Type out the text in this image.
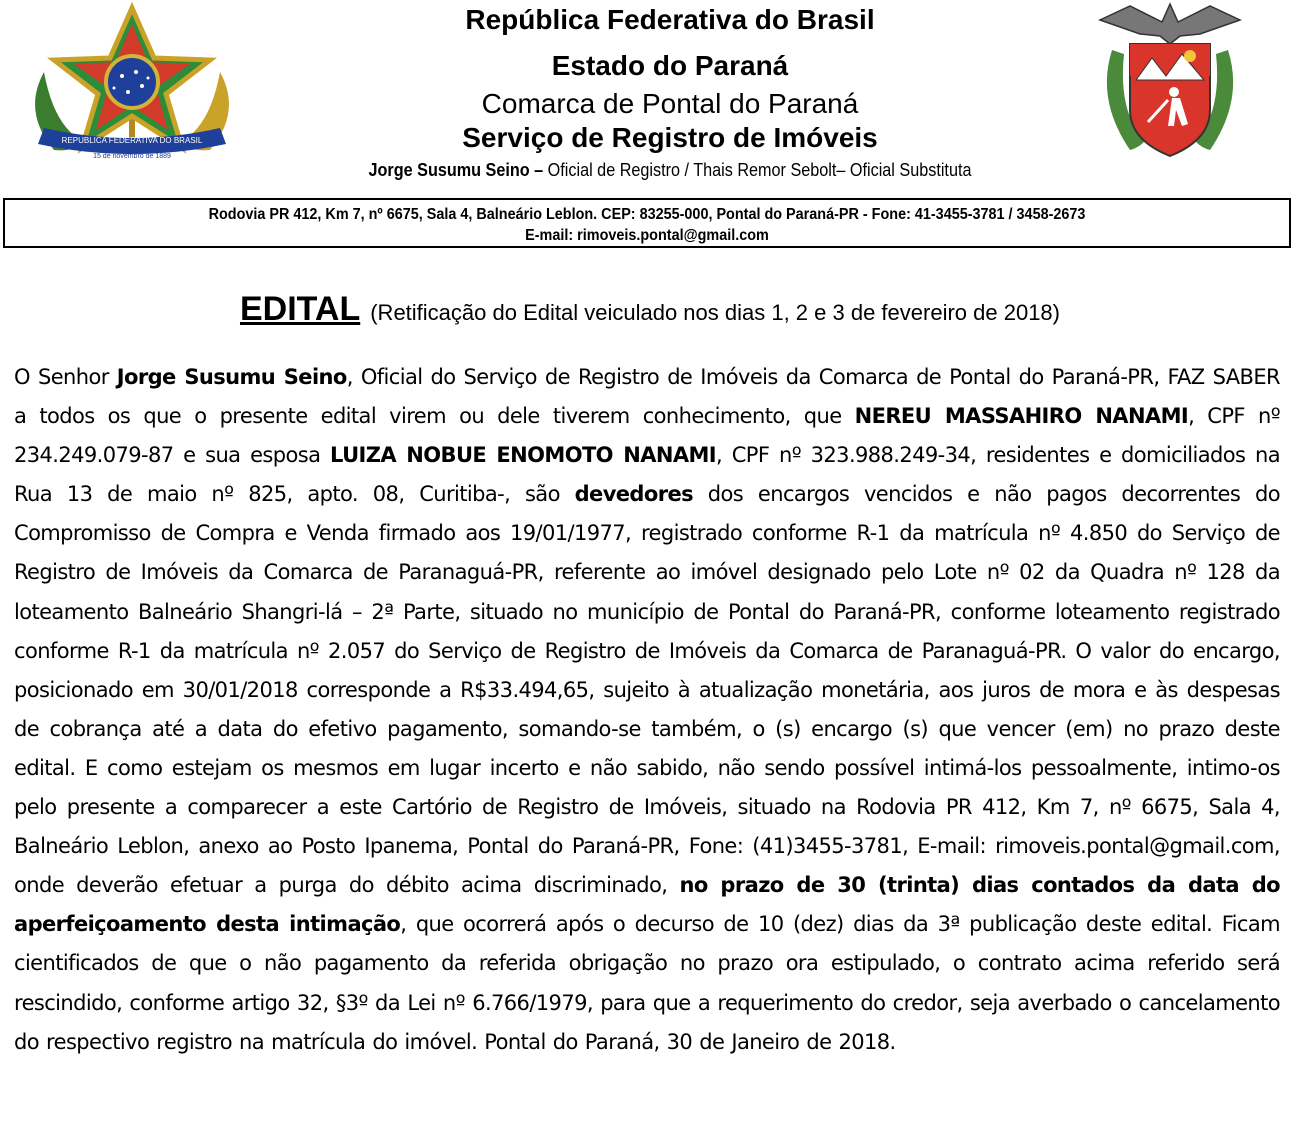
REPUBLICA FEDERATIVA DO BRASIL
15 de novembro de 1889
República Federativa do Brasil
Estado do Paraná
Comarca de Pontal do Paraná
Serviço de Registro de Imóveis
Jorge Susumu Seino – Oficial de Registro / Thais Remor Sebolt– Oficial Substituta
Rodovia PR 412, Km 7, nº 6675, Sala 4, Balneário Leblon. CEP: 83255-000, Pontal do Paraná-PR - Fone: 41-3455-3781 / 3458-2673
E-mail: rimoveis.pontal@gmail.com
EDITAL (Retificação do Edital veiculado nos dias 1, 2 e 3 de fevereiro de 2018)
O Senhor Jorge Susumu Seino, Oficial do Serviço de Registro de Imóveis da Comarca de Pontal do Paraná-PR, FAZ SABER a todos os que o presente edital virem ou dele tiverem conhecimento, que NEREU MASSAHIRO NANAMI, CPF nº 234.249.079-87 e sua esposa LUIZA NOBUE ENOMOTO NANAMI, CPF nº 323.988.249-34, residentes e domiciliados na Rua 13 de maio nº 825, apto. 08, Curitiba-, são devedores dos encargos vencidos e não pagos decorrentes do Compromisso de Compra e Venda firmado aos 19/01/1977, registrado conforme R-1 da matrícula nº 4.850 do Serviço de Registro de Imóveis da Comarca de Paranaguá-PR, referente ao imóvel designado pelo Lote nº 02 da Quadra nº 128 da loteamento Balneário Shangri-lá – 2ª Parte, situado no município de Pontal do Paraná-PR, conforme loteamento registrado conforme R-1 da matrícula nº 2.057 do Serviço de Registro de Imóveis da Comarca de Paranaguá-PR. O valor do encargo, posicionado em 30/01/2018 corresponde a R$33.494,65, sujeito à atualização monetária, aos juros de mora e às despesas de cobrança até a data do efetivo pagamento, somando-se também, o (s) encargo (s) que vencer (em) no prazo deste edital. E como estejam os mesmos em lugar incerto e não sabido, não sendo possível intimá-los pessoalmente, intimo-os pelo presente a comparecer a este Cartório de Registro de Imóveis, situado na Rodovia PR 412, Km 7, nº 6675, Sala 4, Balneário Leblon, anexo ao Posto Ipanema, Pontal do Paraná-PR, Fone: (41)3455-3781, E-mail: rimoveis.pontal@gmail.com, onde deverão efetuar a purga do débito acima discriminado, no prazo de 30 (trinta) dias contados da data do aperfeiçoamento desta intimação, que ocorrerá após o decurso de 10 (dez) dias da 3ª publicação deste edital. Ficam cientificados de que o não pagamento da referida obrigação no prazo ora estipulado, o contrato acima referido será rescindido, conforme artigo 32, §3º da Lei nº 6.766/1979, para que a requerimento do credor, seja averbado o cancelamento do respectivo registro na matrícula do imóvel. Pontal do Paraná, 30 de Janeiro de 2018.
